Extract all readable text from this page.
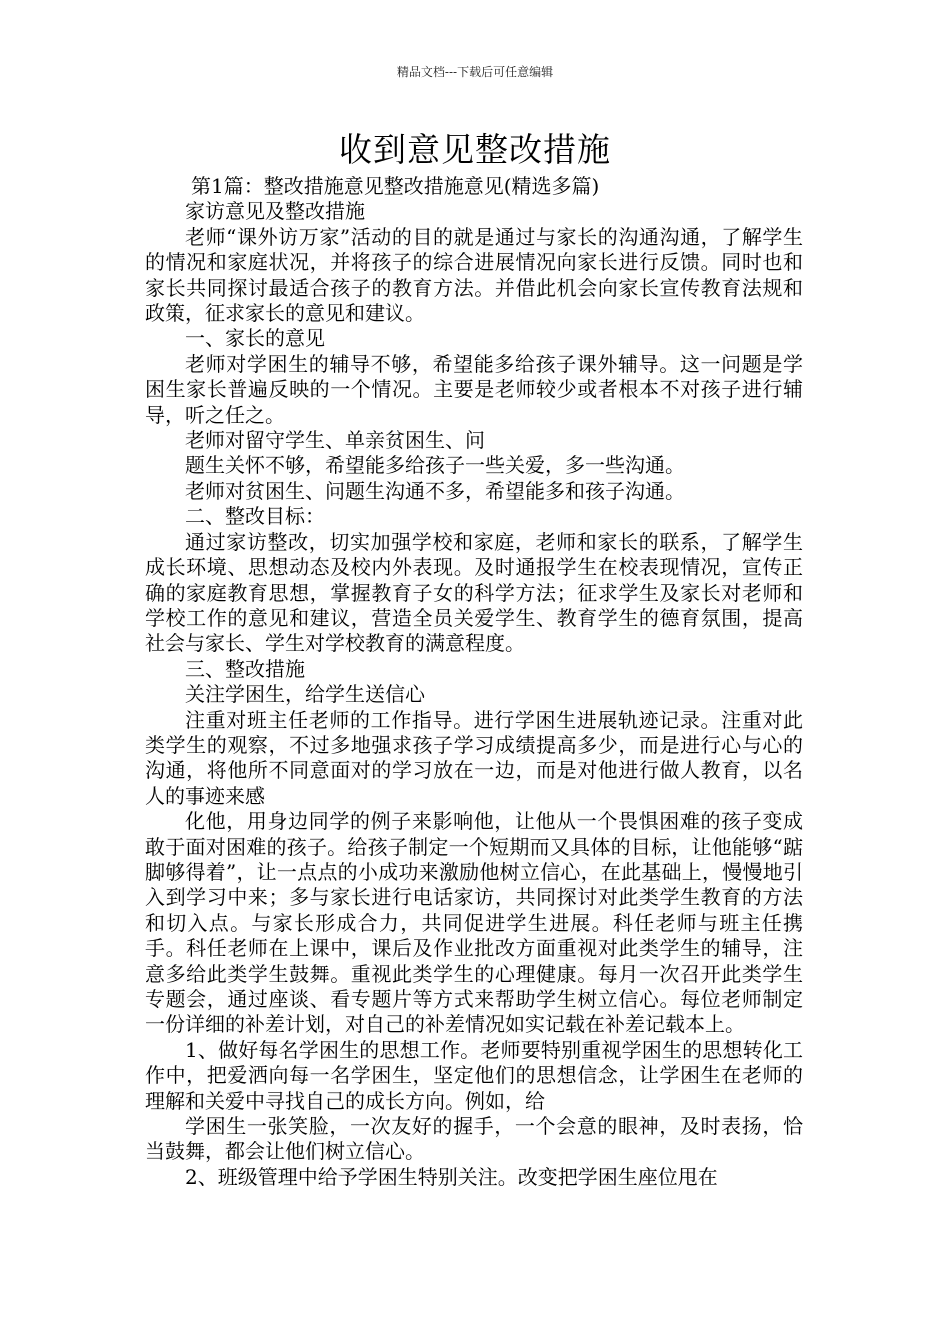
精品文档---下载后可任意编辑
收到意见整改措施

第1篇：整改措施意见整改措施意见(精选多篇)

家访意见及整改措施

老师“课外访万家”活动的目的就是通过与家长的沟通沟通，了解学生的情况和家庭状况，并将孩子的综合进展情况向家长进行反馈。同时也和家长共同探讨最适合孩子的教育方法。并借此机会向家长宣传教育法规和政策，征求家长的意见和建议。

一、家长的意见

老师对学困生的辅导不够，希望能多给孩子课外辅导。这一问题是学困生家长普遍反映的一个情况。主要是老师较少或者根本不对孩子进行辅导，听之任之。

老师对留守学生、单亲贫困生、问

题生关怀不够，希望能多给孩子一些关爱，多一些沟通。

老师对贫困生、问题生沟通不多，希望能多和孩子沟通。

二、整改目标：

通过家访整改，切实加强学校和家庭，老师和家长的联系，了解学生成长环境、思想动态及校内外表现。及时通报学生在校表现情况，宣传正确的家庭教育思想，掌握教育子女的科学方法；征求学生及家长对老师和学校工作的意见和建议，营造全员关爱学生、教育学生的德育氛围，提高社会与家长、学生对学校教育的满意程度。

三、整改措施

关注学困生，给学生送信心

注重对班主任老师的工作指导。进行学困生进展轨迹记录。注重对此类学生的观察，不过多地强求孩子学习成绩提高多少，而是进行心与心的沟通，将他所不同意面对的学习放在一边，而是对他进行做人教育，以名人的事迹来感

化他，用身边同学的例子来影响他，让他从一个畏惧困难的孩子变成敢于面对困难的孩子。给孩子制定一个短期而又具体的目标，让他能够“踮脚够得着”，让一点点的小成功来激励他树立信心，在此基础上，慢慢地引入到学习中来；多与家长进行电话家访，共同探讨对此类学生教育的方法和切入点。与家长形成合力，共同促进学生进展。科任老师与班主任携手。科任老师在上课中，课后及作业批改方面重视对此类学生的辅导，注意多给此类学生鼓舞。重视此类学生的心理健康。每月一次召开此类学生专题会，通过座谈、看专题片等方式来帮助学生树立信心。每位老师制定一份详细的补差计划，对自己的补差情况如实记载在补差记载本上。

1、做好每名学困生的思想工作。老师要特别重视学困生的思想转化工作中，把爱洒向每一名学困生，坚定他们的思想信念，让学困生在老师的理解和关爱中寻找自己的成长方向。例如，给

学困生一张笑脸，一次友好的握手，一个会意的眼神，及时表扬，恰当鼓舞，都会让他们树立信心。

2、班级管理中给予学困生特别关注。改变把学困生座位甩在
